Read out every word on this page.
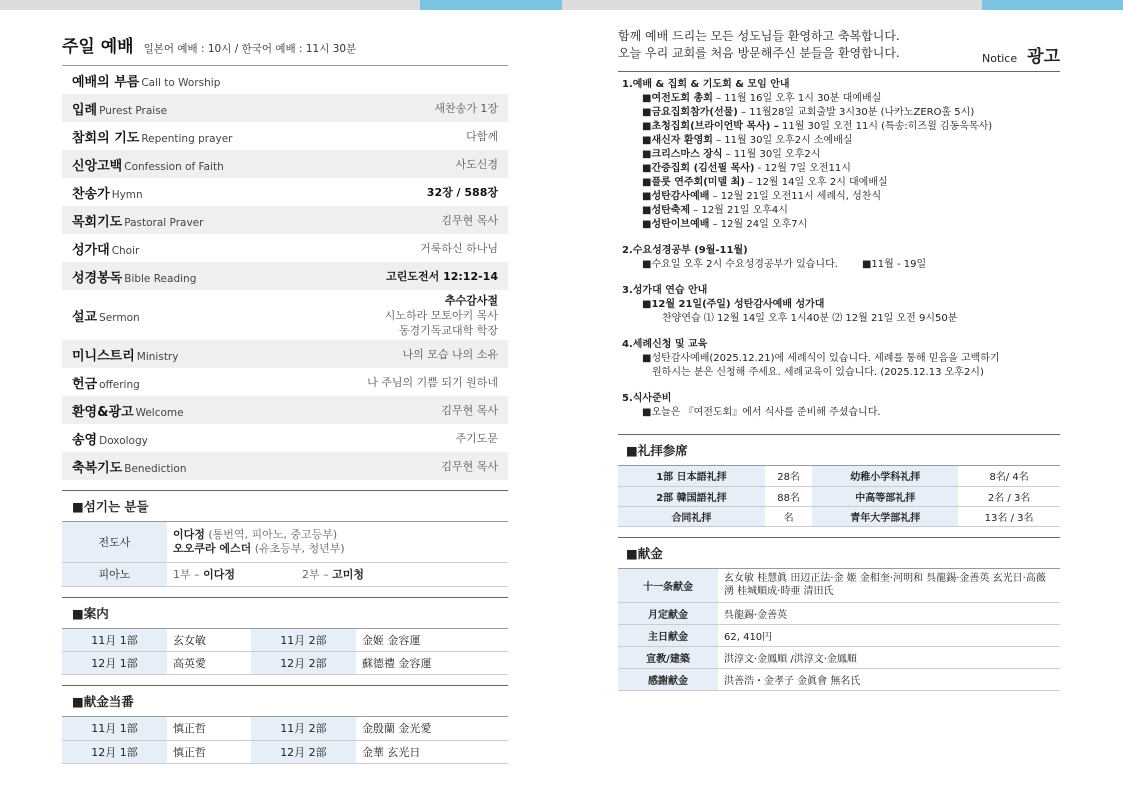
주일 예배 일본어 예배 : 10시 / 한국어 예배 : 11시 30분
예배의 부름 Call to Worship
입례 Purest Praise	새찬송가 1장
참회의 기도 Repenting prayer	다함께
신앙고백 Confession of Faith	사도신경
찬송가 Hymn	32장 / 588장
목회기도 Pastoral Praver	김무현 목사
성가대 Choir	거룩하신 하나님
성경봉독 Bible Reading	고린도전서 12:12-14
설교 Sermon
추수감사절
시노하라 모토아키 목사
동경기독교대학 학장
미니스트리 Ministry	나의 모습 나의 소유
헌금 offering	나 주님의 기쁨 되기 원하네
환영&광고 Welcome	김무현 목사
송영 Doxology	주기도문
축복기도 Benediction	김무현 목사
■섬기는 분들
전도사	이다정 (통번역, 피아노, 중고등부)
오오쿠라 에스더 (유초등부, 청년부)

피아노	1부 – 이다정 2부 – 고미청
■案内
11月 1部	玄女敏	11月 2部	金姬 金容運
12月 1部	高英愛	12月 2部	蘇德禮 金容運
■献金当番
11月 1部	慎正哲	11月 2部	金殷蘭 金光愛
12月 1部	慎正哲	12月 2部	金華 玄光日
함께 예배 드리는 모든 성도님들 환영하고 축복합니다.
오늘 우리 교회를 처음 방문해주신 분들을 환영합니다.	Notice 광고
1.예배 & 집회 & 기도회 & 모임 안내
■여전도회 총회 – 11월 16일 오후 1시 30분 대예배실
■금요집회참가(선물) – 11월28일 교회출발 3시30분 (나카노ZERO홀 5시)
■초청집회(브라이언박 목사) – 11월 30일 오전 11시 (특송:히즈윌 김동욱목사)
■새신자 환영회 – 11월 30일 오후2시 소예배실
■크리스마스 장식 – 11월 30일 오후2시
■간증집회 (김선필 목사) - 12월 7일 오전11시
■플룻 연주회(미델 최) – 12월 14일 오후 2시 대예배실
■성탄감사예배 – 12월 21일 오전11시 세례식, 성찬식
■성탄축제 – 12월 21일 오후4시
■성탄이브예배 – 12월 24일 오후7시
2.수요성경공부 (9월-11월)
■수요일 오후 2시 수요성경공부가 있습니다. ■11월 - 19일
3.성가대 연습 안내
■12월 21일(주일) 성탄감사예배 성가대
찬양연습 ⑴ 12월 14일 오후 1시40분 ⑵ 12월 21일 오전 9시50분
4.세례신청 및 교육
■성탄감사예배(2025.12.21)에 세례식이 있습니다. 세례를 통해 믿음을 고백하기
원하시는 분은 신청해 주세요. 세례교육이 있습니다. (2025.12.13 오후2시)
5.식사준비
■오늘은 『여전도회』에서 식사를 준비해 주셨습니다.
■礼拝参席
1部 日本語礼拝	28名	幼稚小学科礼拝	8名/ 4名
2部 韓国語礼拝	88名	中高等部礼拝	2名 / 3名
合同礼拝	名	青年大学部礼拝	13名 / 3名
■献金
十一条献金	玄女敏 桂慧眞 田辺正法·金 姬 金相奎·河明和 呉龍錫·金善英 玄光日·高薇湧 桂城順成·時亜 清田氏
月定献金	呉龍錫·金善英
主日献金	62, 410円
宣教/建築	洪淳文·金鳳順 /洪淳文·金鳳順
感謝献金	洪善浩・金孝子 金眞會 無名氏
